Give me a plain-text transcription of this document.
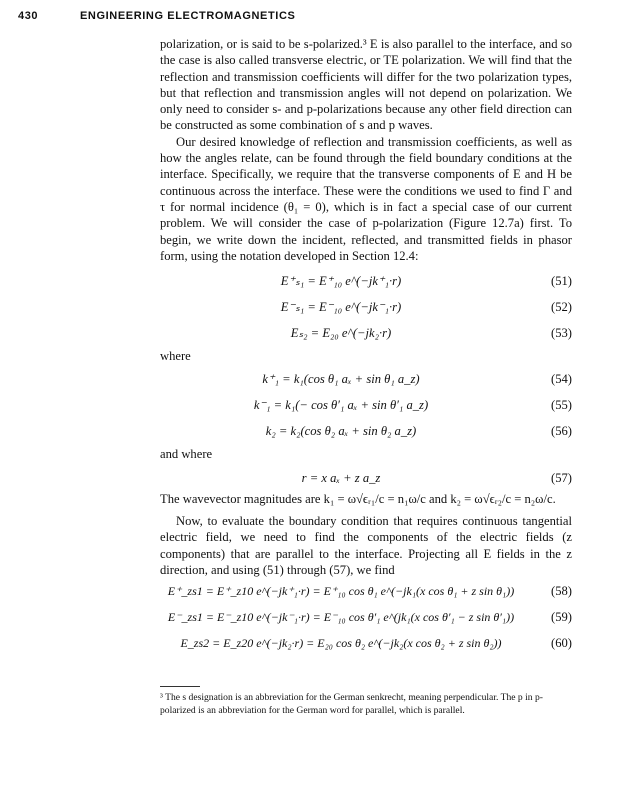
430	ENGINEERING ELECTROMAGNETICS

polarization, or is said to be s-polarized.³ E is also parallel to the interface, and so the case is also called transverse electric, or TE polarization. We will find that the reflection and transmission coefficients will differ for the two polarization types, but that reflection and transmission angles will not depend on polarization. We only need to consider s- and p-polarizations because any other field direction can be constructed as some combination of s and p waves.

Our desired knowledge of reflection and transmission coefficients, as well as how the angles relate, can be found through the field boundary conditions at the interface. Specifically, we require that the transverse components of E and H be continuous across the interface. These were the conditions we used to find Γ and τ for normal incidence (θ₁ = 0), which is in fact a special case of our current problem. We will consider the case of p-polarization (Figure 12.7a) first. To begin, we write down the incident, reflected, and transmitted fields in phasor form, using the notation developed in Section 12.4:

E⁺ₛ₁ = E⁺₁₀ e^(−jk⁺₁·r)	(51)
E⁻ₛ₁ = E⁻₁₀ e^(−jk⁻₁·r)	(52)
Eₛ₂ = E₂₀ e^(−jk₂·r)	(53)

where

k⁺₁ = k₁(cos θ₁ aₓ + sin θ₁ a_z)	(54)
k⁻₁ = k₁(− cos θ′₁ aₓ + sin θ′₁ a_z)	(55)
k₂ = k₂(cos θ₂ aₓ + sin θ₂ a_z)	(56)

and where

r = x aₓ + z a_z	(57)

The wavevector magnitudes are k₁ = ω√ϵᵣ₁/c = n₁ω/c and k₂ = ω√ϵᵣ₂/c = n₂ω/c.

Now, to evaluate the boundary condition that requires continuous tangential electric field, we need to find the components of the electric fields (z components) that are parallel to the interface. Projecting all E fields in the z direction, and using (51) through (57), we find

E⁺_zs1 = E⁺_z10 e^(−jk⁺₁·r) = E⁺₁₀ cos θ₁ e^(−jk₁(x cos θ₁ + z sin θ₁))	(58)
E⁻_zs1 = E⁻_z10 e^(−jk⁻₁·r) = E⁻₁₀ cos θ′₁ e^(jk₁(x cos θ′₁ − z sin θ′₁))	(59)
E_zs2 = E_z20 e^(−jk₂·r) = E₂₀ cos θ₂ e^(−jk₂(x cos θ₂ + z sin θ₂))	(60)

³ The s designation is an abbreviation for the German senkrecht, meaning perpendicular. The p in p-polarized is an abbreviation for the German word for parallel, which is parallel.
